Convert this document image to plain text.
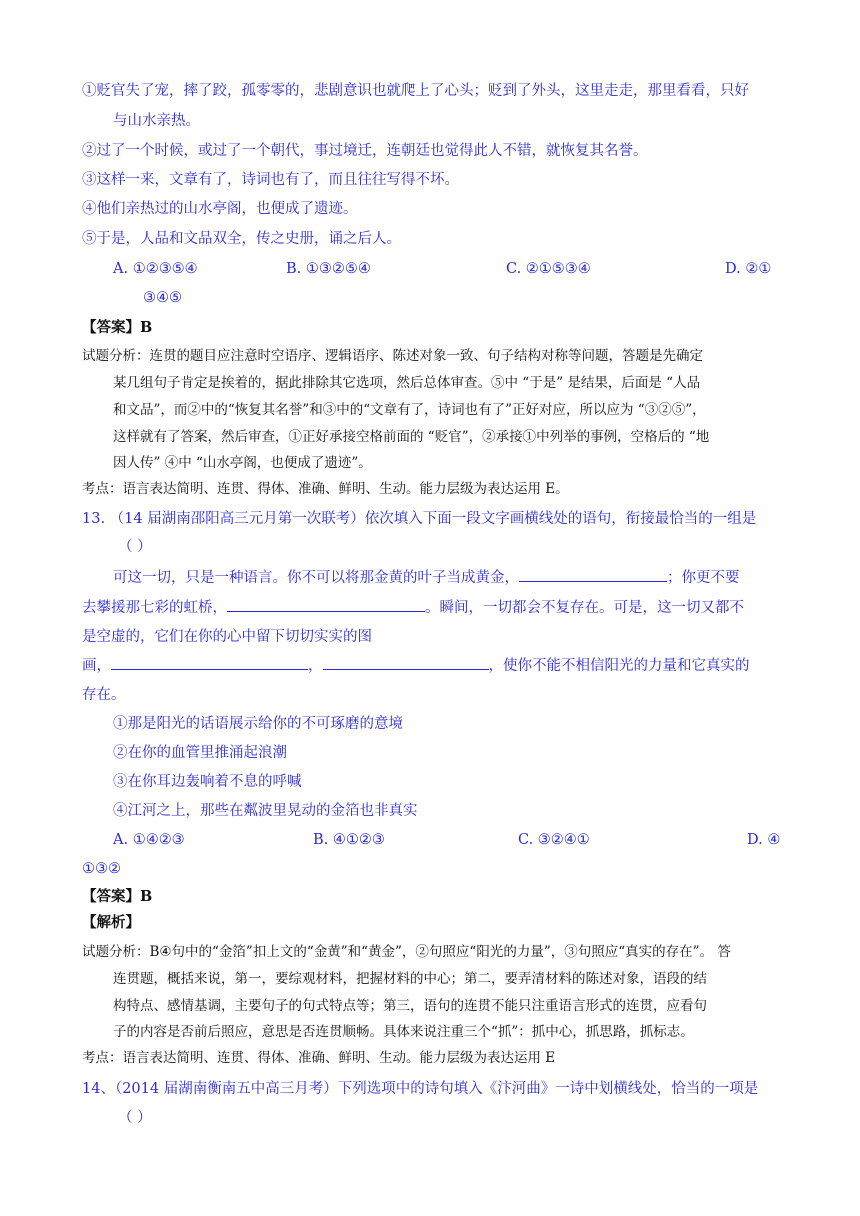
①贬官失了宠，摔了跤，孤零零的，悲剧意识也就爬上了心头；贬到了外头，这里走走，那里看看，只好
与山水亲热。
②过了一个时候，或过了一个朝代，事过境迁，连朝廷也觉得此人不错，就恢复其名誉。
③这样一来，文章有了，诗词也有了，而且往往写得不坏。
④他们亲热过的山水亭阁，也便成了遗迹。
⑤于是，人品和文品双全，传之史册，诵之后人。
A. ①②③⑤④	B. ①③②⑤④	C. ②①⑤③④	D. ②①
③④⑤
【答案】B
试题分析：连贯的题目应注意时空语序、逻辑语序、陈述对象一致、句子结构对称等问题，答题是先确定
某几组句子肯定是挨着的，据此排除其它选项，然后总体审查。⑤中 “于是” 是结果，后面是 “人品
和文品”，而②中的“恢复其名誉”和③中的“文章有了，诗词也有了”正好对应，所以应为 “③②⑤”，
这样就有了答案，然后审查，①正好承接空格前面的 “贬官”，②承接①中列举的事例，空格后的 “地
因人传” ④中 “山水亭阁，也便成了遗迹”。
考点：语言表达简明、连贯、得体、准确、鲜明、生动。能力层级为表达运用 E。
13. （14 届湖南邵阳高三元月第一次联考）依次填入下面一段文字画横线处的语句，衔接最恰当的一组是
（ ）
可这一切，只是一种语言。你不可以将那金黄的叶子当成黄金，	；你更不要
去攀援那七彩的虹桥，	。瞬间，一切都会不复存在。可是，这一切又都不
是空虚的，它们在你的心中留下切切实实的图
画，	，	，使你不能不相信阳光的力量和它真实的
存在。
①那是阳光的话语展示给你的不可琢磨的意境
②在你的血管里推涌起浪潮
③在你耳边轰响着不息的呼喊
④江河之上，那些在粼波里晃动的金箔也非真实
A. ①④②③	B. ④①②③	C. ③②④①	D. ④
①③②
【答案】B
【解析】
试题分析：B④句中的“金箔”扣上文的“金黄”和“黄金”，②句照应“阳光的力量”，③句照应“真实的存在”。 答
连贯题，概括来说，第一，要综观材料，把握材料的中心；第二，要弄清材料的陈述对象，语段的结
构特点、感情基调，主要句子的句式特点等；第三，语句的连贯不能只注重语言形式的连贯，应看句
子的内容是否前后照应，意思是否连贯顺畅。具体来说注重三个“抓”：抓中心，抓思路，抓标志。
考点：语言表达简明、连贯、得体、准确、鲜明、生动。能力层级为表达运用 E
14、（2014 届湖南衡南五中高三月考）下列选项中的诗句填入《汴河曲》一诗中划横线处，恰当的一项是
（ ）
